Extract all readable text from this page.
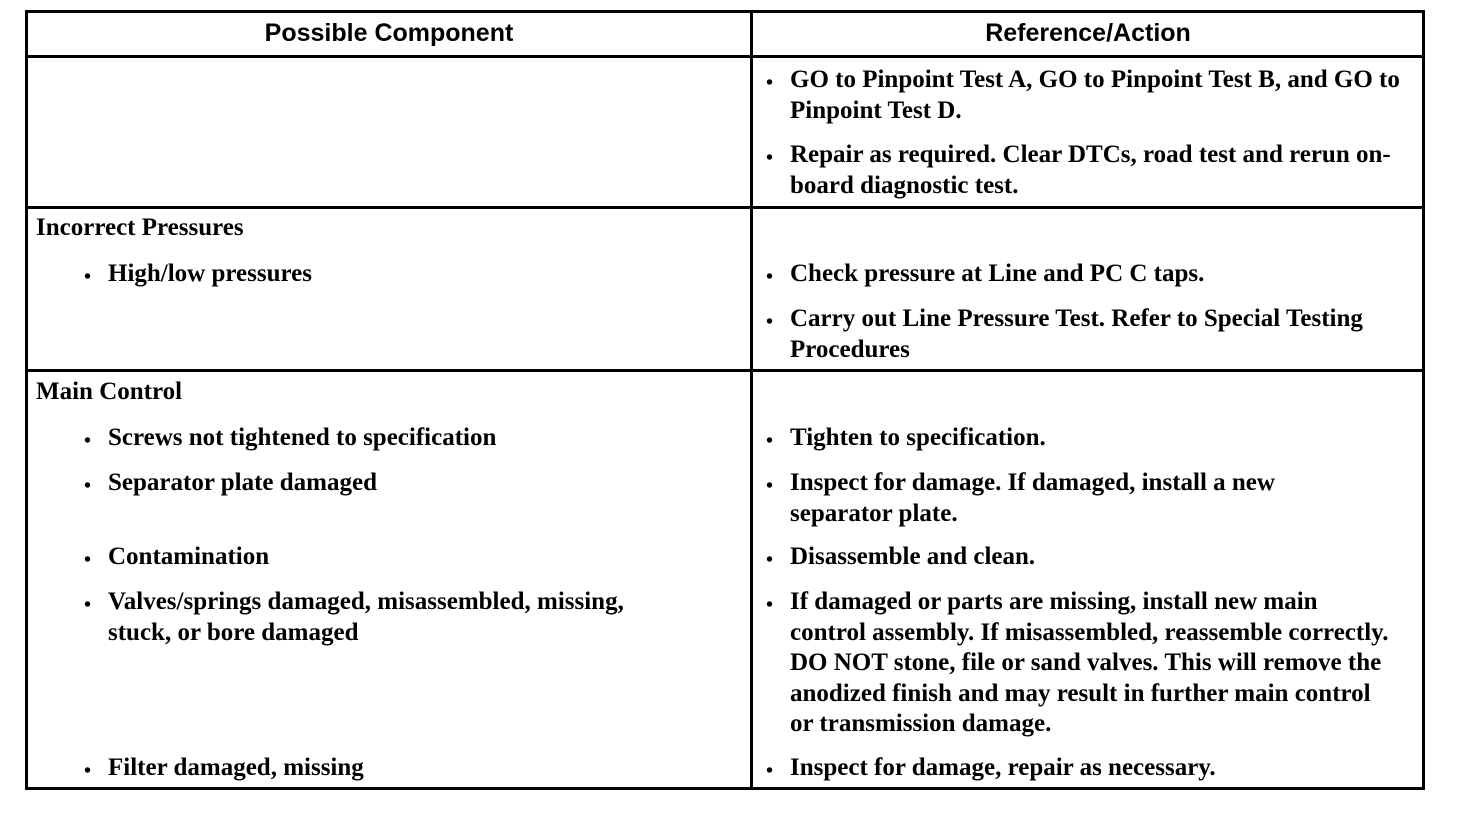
Possible Component	Reference/Action
• GO to Pinpoint Test A, GO to Pinpoint Test B, and GO to Pinpoint Test D.
• Repair as required. Clear DTCs, road test and rerun on-board diagnostic test.
Incorrect Pressures
• High/low pressures	• Check pressure at Line and PC C taps.
• Carry out Line Pressure Test. Refer to Special Testing Procedures
Main Control
• Screws not tightened to specification
• Separator plate damaged
• Contamination
• Valves/springs damaged, misassembled, missing, stuck, or bore damaged
• Filter damaged, missing
• Tighten to specification.
• Inspect for damage. If damaged, install a new separator plate.
• Disassemble and clean.
• If damaged or parts are missing, install new main control assembly. If misassembled, reassemble correctly. DO NOT stone, file or sand valves. This will remove the anodized finish and may result in further main control or transmission damage.
• Inspect for damage, repair as necessary.
